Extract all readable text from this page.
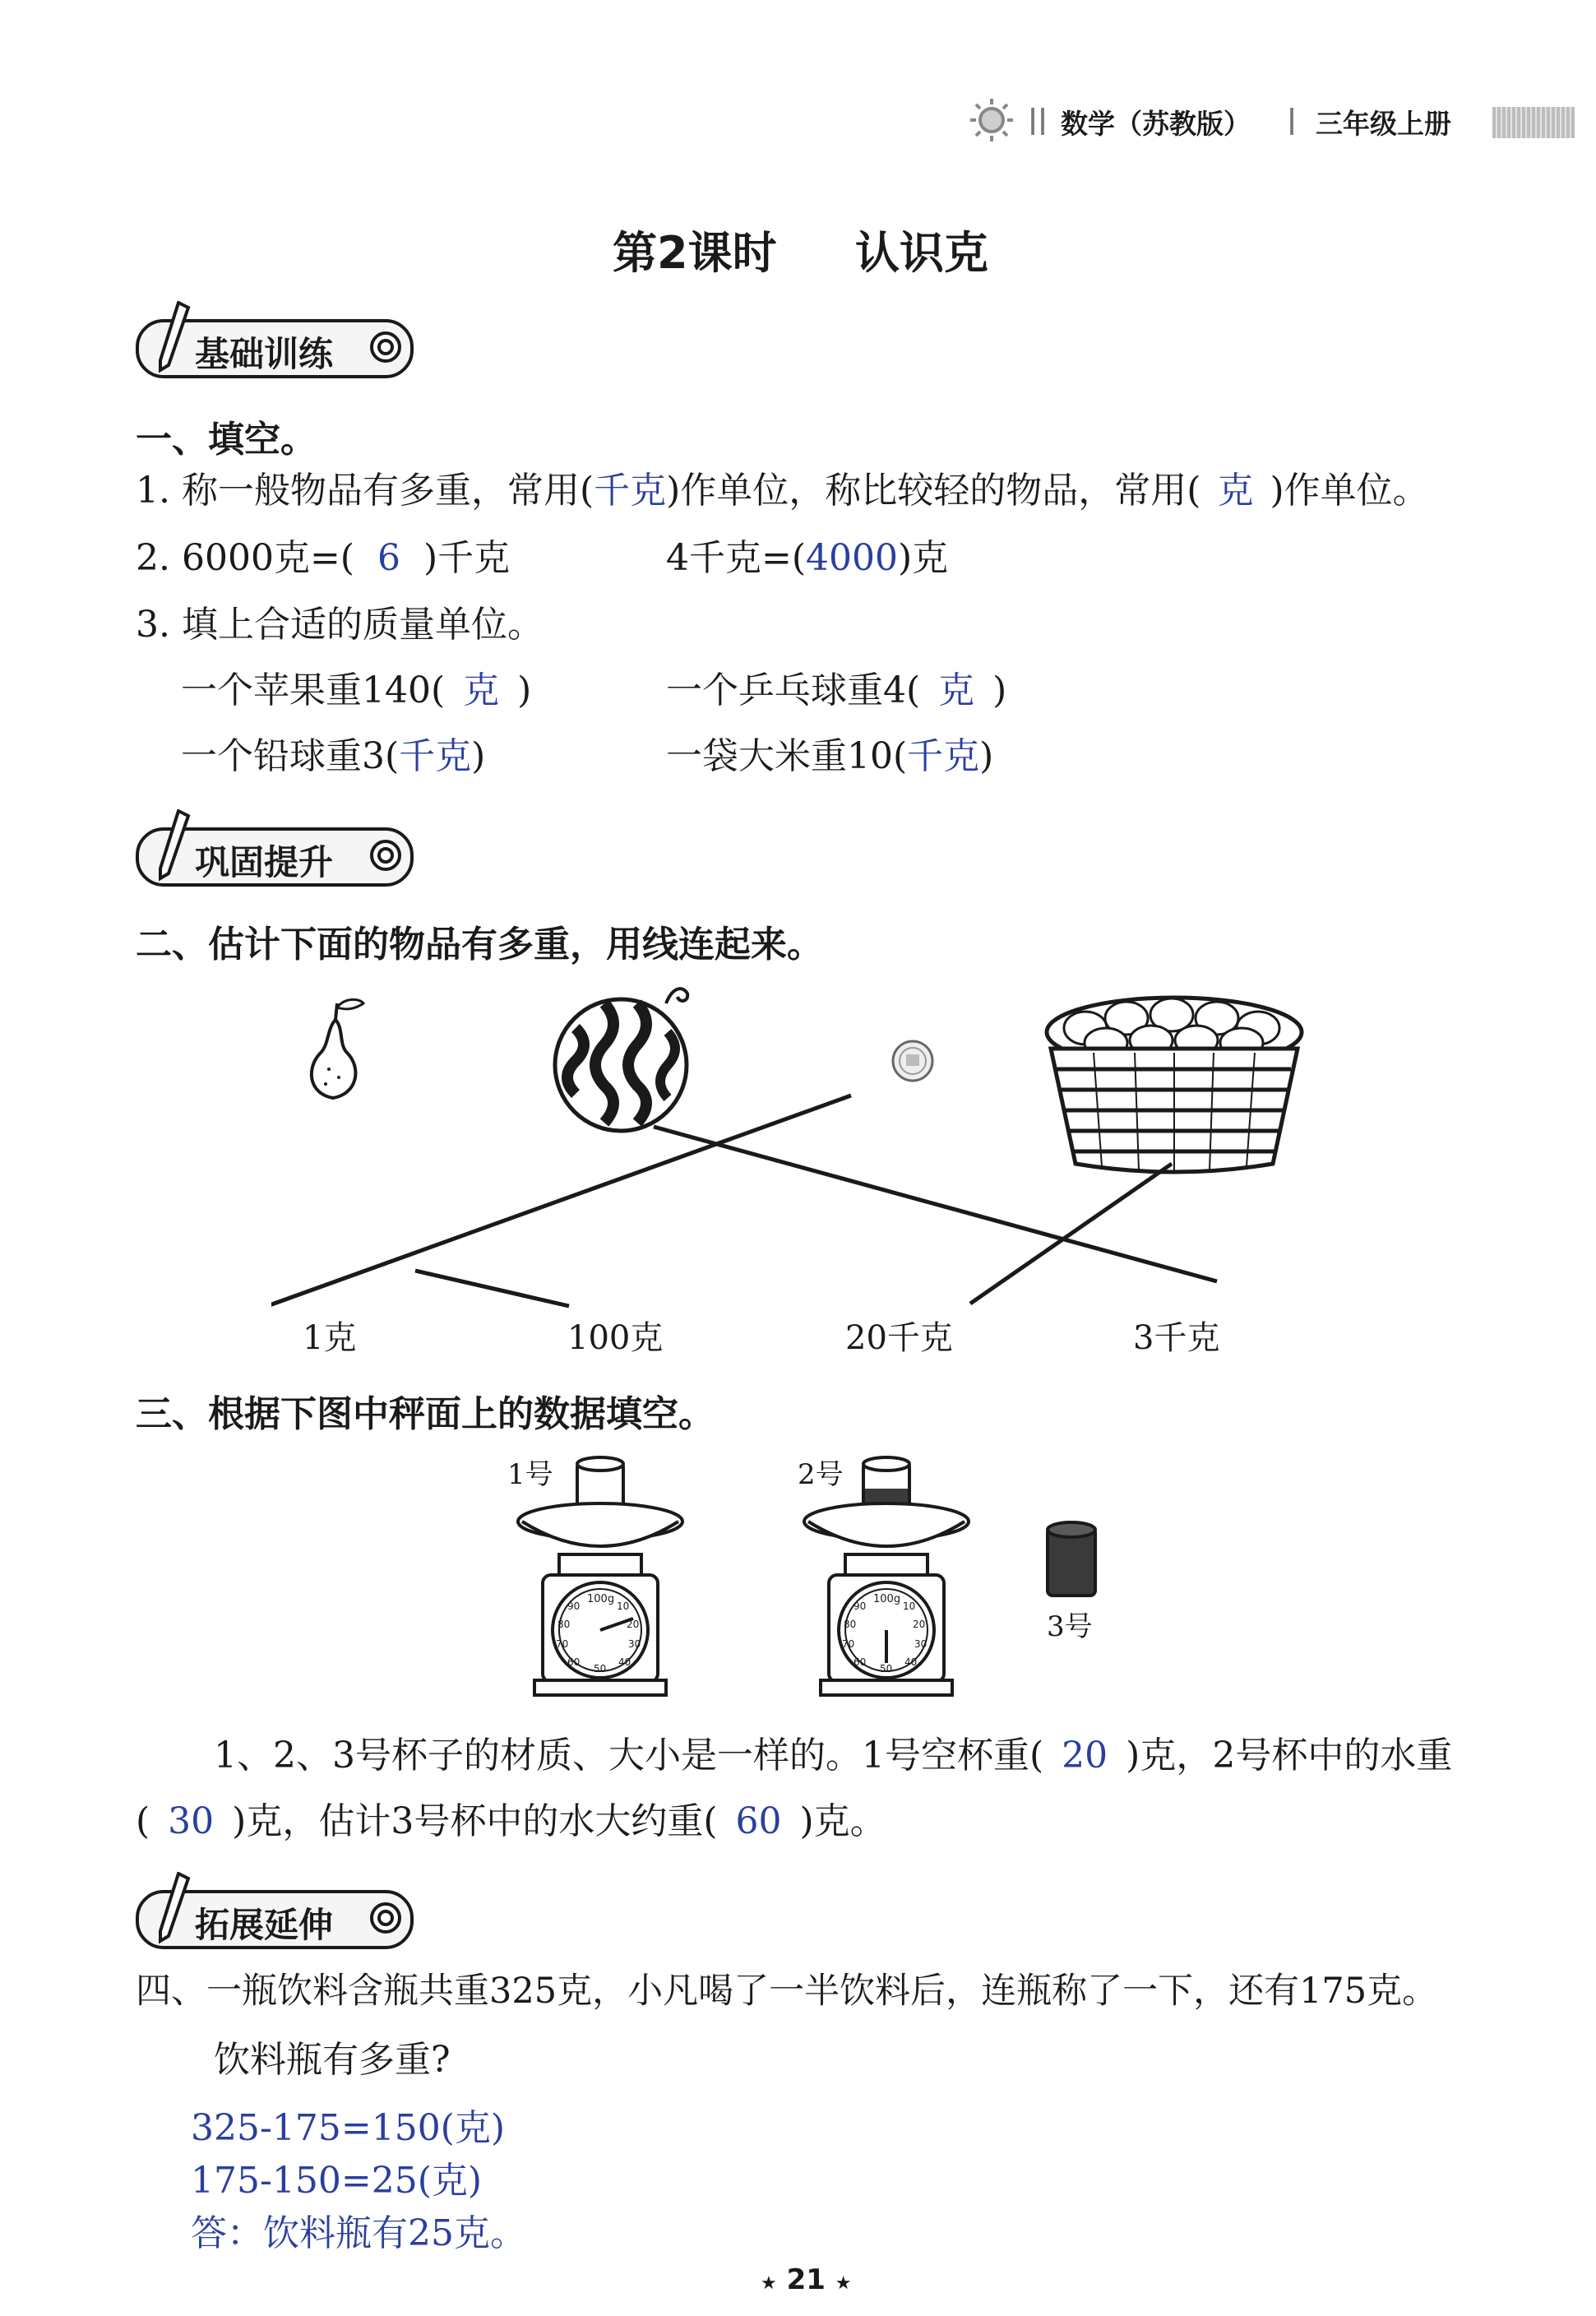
|| 数学（苏教版） | 三年级上册
第2课时 认识克
基础训练
一、填空。
1. 称一般物品有多重，常用(千克)作单位，称比较轻的物品，常用( 克 )作单位。
2. 6000克=( 6 )千克	4千克=(4000)克
3. 填上合适的质量单位。
一个苹果重140( 克 )	一个乒乓球重4( 克 )
一个铅球重3(千克)	一袋大米重10(千克)
巩固提升
二、估计下面的物品有多重，用线连起来。
1克	100克	20千克	3千克
三、根据下图中秤面上的数据填空。
1号
100g
10
20
30
40
50
60
70
80
90
2号
100g
10
20
30
40
50
60
70
80
90
3号
1、2、3号杯子的材质、大小是一样的。1号空杯重( 20 )克，2号杯中的水重
( 30 )克，估计3号杯中的水大约重( 60 )克。
拓展延伸
四、一瓶饮料含瓶共重325克，小凡喝了一半饮料后，连瓶称了一下，还有175克。
饮料瓶有多重?
325-175=150(克)
175-150=25(克)
答：饮料瓶有25克。
★ 21 ★
